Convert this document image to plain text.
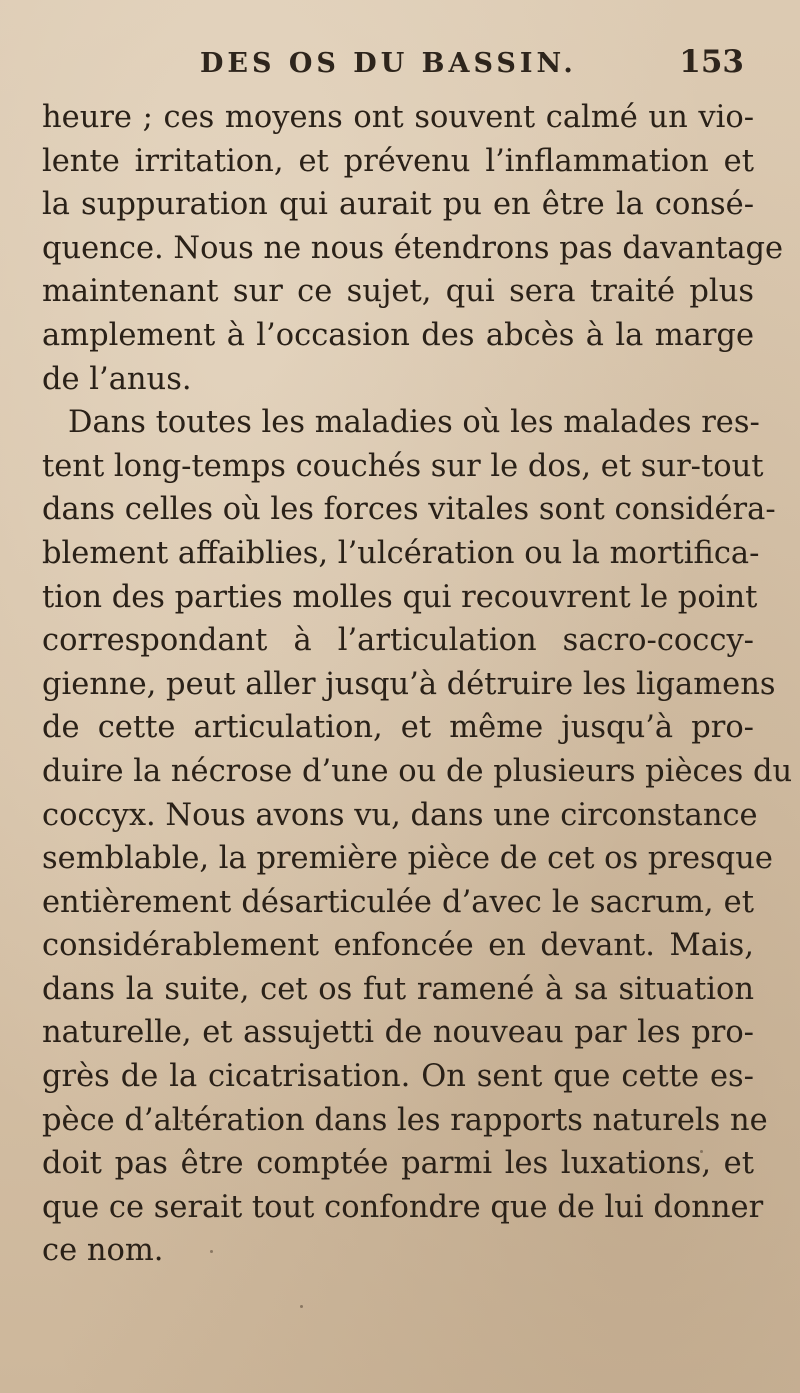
DES OS DU BASSIN.	153
heure ; ces moyens ont souvent calmé un vio-
lente irritation, et prévenu l’inflammation et
la suppuration qui aurait pu en être la consé-
quence. Nous ne nous étendrons pas davantage
maintenant sur ce sujet, qui sera traité plus
amplement à l’occasion des abcès à la marge
de l’anus.
Dans toutes les maladies où les malades res-
tent long-temps couchés sur le dos, et sur-tout
dans celles où les forces vitales sont considéra-
blement affaiblies, l’ulcération ou la mortifica-
tion des parties molles qui recouvrent le point
correspondant à l’articulation sacro-coccy-
gienne, peut aller jusqu’à détruire les ligamens
de cette articulation, et même jusqu’à pro-
duire la nécrose d’une ou de plusieurs pièces du
coccyx. Nous avons vu, dans une circonstance
semblable, la première pièce de cet os presque
entièrement désarticulée d’avec le sacrum, et
considérablement enfoncée en devant. Mais,
dans la suite, cet os fut ramené à sa situation
naturelle, et assujetti de nouveau par les pro-
grès de la cicatrisation. On sent que cette es-
pèce d’altération dans les rapports naturels ne
doit pas être comptée parmi les luxations, et
que ce serait tout confondre que de lui donner
ce nom.
